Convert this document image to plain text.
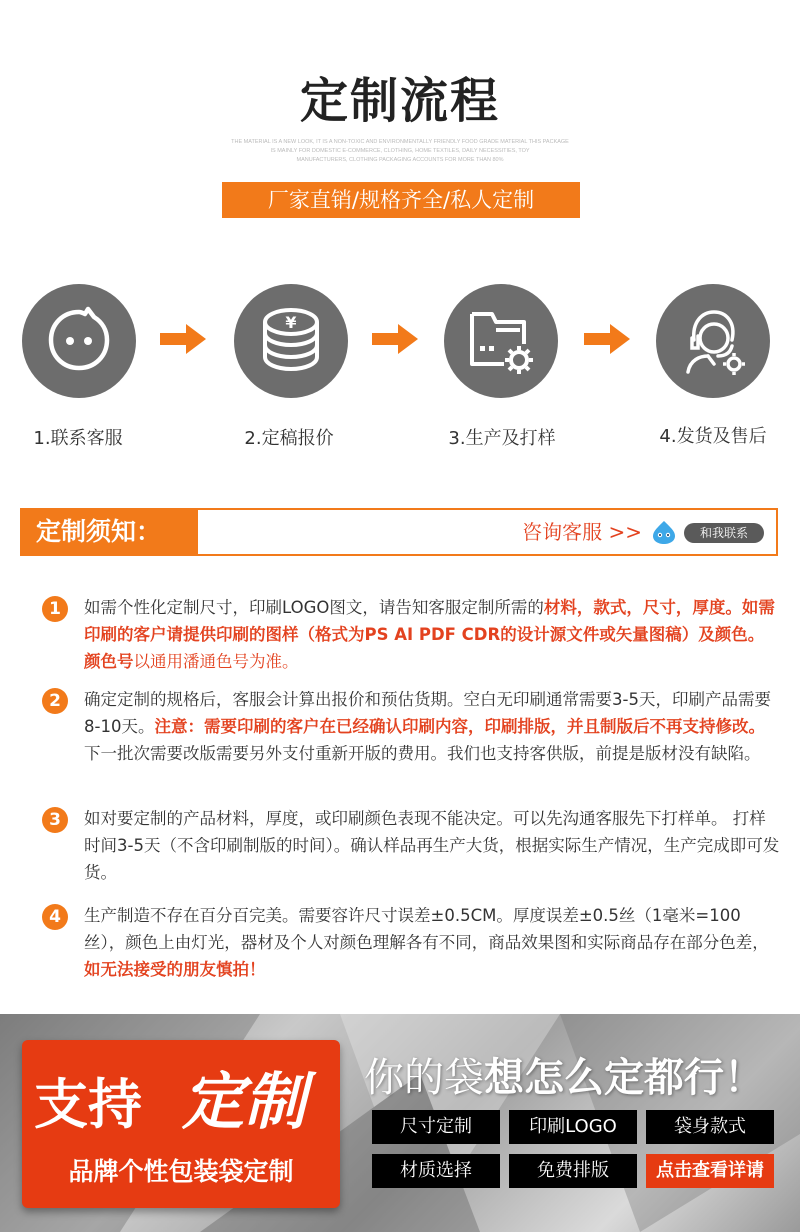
定制流程
THE MATERIAL IS A NEW LOOK, IT IS A NON-TOXIC AND ENVIRONMENTALLY FRIENDLY FOOD GRADE MATERIAL THIS PACKAGE
IS MAINLY FOR DOMESTIC E-COMMERCE, CLOTHING, HOME TEXTILES, DAILY NECESSITIES, TOY
MANUFACTURERS, CLOTHING PACKAGING ACCOUNTS FOR MORE THAN 80%
厂家直销/规格齐全/私人定制
¥
1.联系客服	2.定稿报价	3.生产及打样	4.发货及售后
定制须知：	咨询客服 >>	和我联系
1	如需个性化定制尺寸，印刷LOGO图文，请告知客服定制所需的材料，款式，尺寸，厚度。如需印刷的客户请提供印刷的图样（格式为PS AI PDF CDR的设计源文件或矢量图稿）及颜色。颜色号以通用潘通色号为准。
2	确定定制的规格后，客服会计算出报价和预估货期。空白无印刷通常需要3-5天，印刷产品需要8-10天。注意：需要印刷的客户在已经确认印刷内容，印刷排版，并且制版后不再支持修改。下一批次需要改版需要另外支付重新开版的费用。我们也支持客供版，前提是版材没有缺陷。
3	如对要定制的产品材料，厚度，或印刷颜色表现不能决定。可以先沟通客服先下打样单。 打样时间3-5天（不含印刷制版的时间）。确认样品再生产大货，根据实际生产情况，生产完成即可发货。
4	生产制造不存在百分百完美。需要容许尺寸误差±0.5CM。厚度误差±0.5丝（1毫米=100丝），颜色上由灯光，器材及个人对颜色理解各有不同，商品效果图和实际商品存在部分色差，如无法接受的朋友慎拍！
支持 定制
品牌个性包装袋定制
你的袋想怎么定都行！
尺寸定制	印刷LOGO	袋身款式
材质选择	免费排版	点击查看详请
